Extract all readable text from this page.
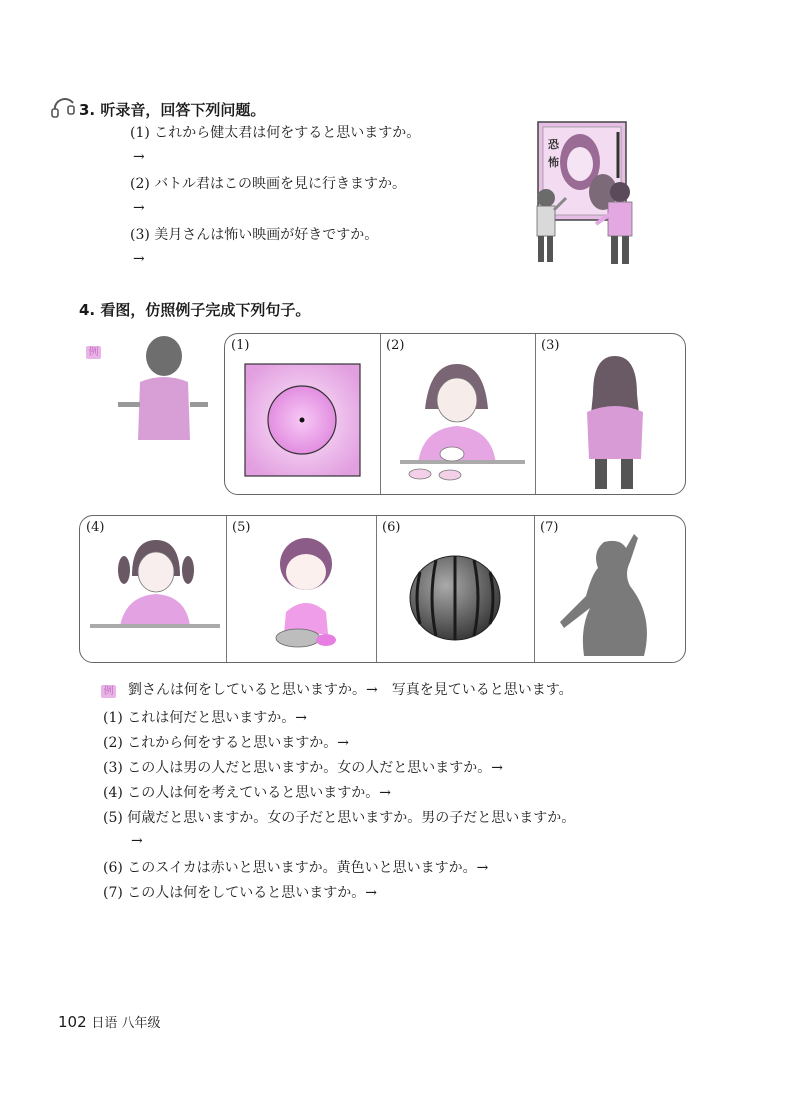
3. 听录音，回答下列问题。
(1) これから健太君は何をすると思いますか。
→
(2) バトル君はこの映画を見に行きますか。
→
(3) 美月さんは怖い映画が好きですか。
→
恐
怖
4. 看图，仿照例子完成下列句子。
例	(1)	(2)	(3)
(4)	(5)	(6)	(7)
例 劉さんは何をしていると思いますか。→　写真を見ていると思います。
(1) これは何だと思いますか。→
(2) これから何をすると思いますか。→
(3) この人は男の人だと思いますか。女の人だと思いますか。→
(4) この人は何を考えていると思いますか。→
(5) 何歳だと思いますか。女の子だと思いますか。男の子だと思いますか。
→
(6) このスイカは赤いと思いますか。黄色いと思いますか。→
(7) この人は何をしていると思いますか。→
102 日语 八年级
